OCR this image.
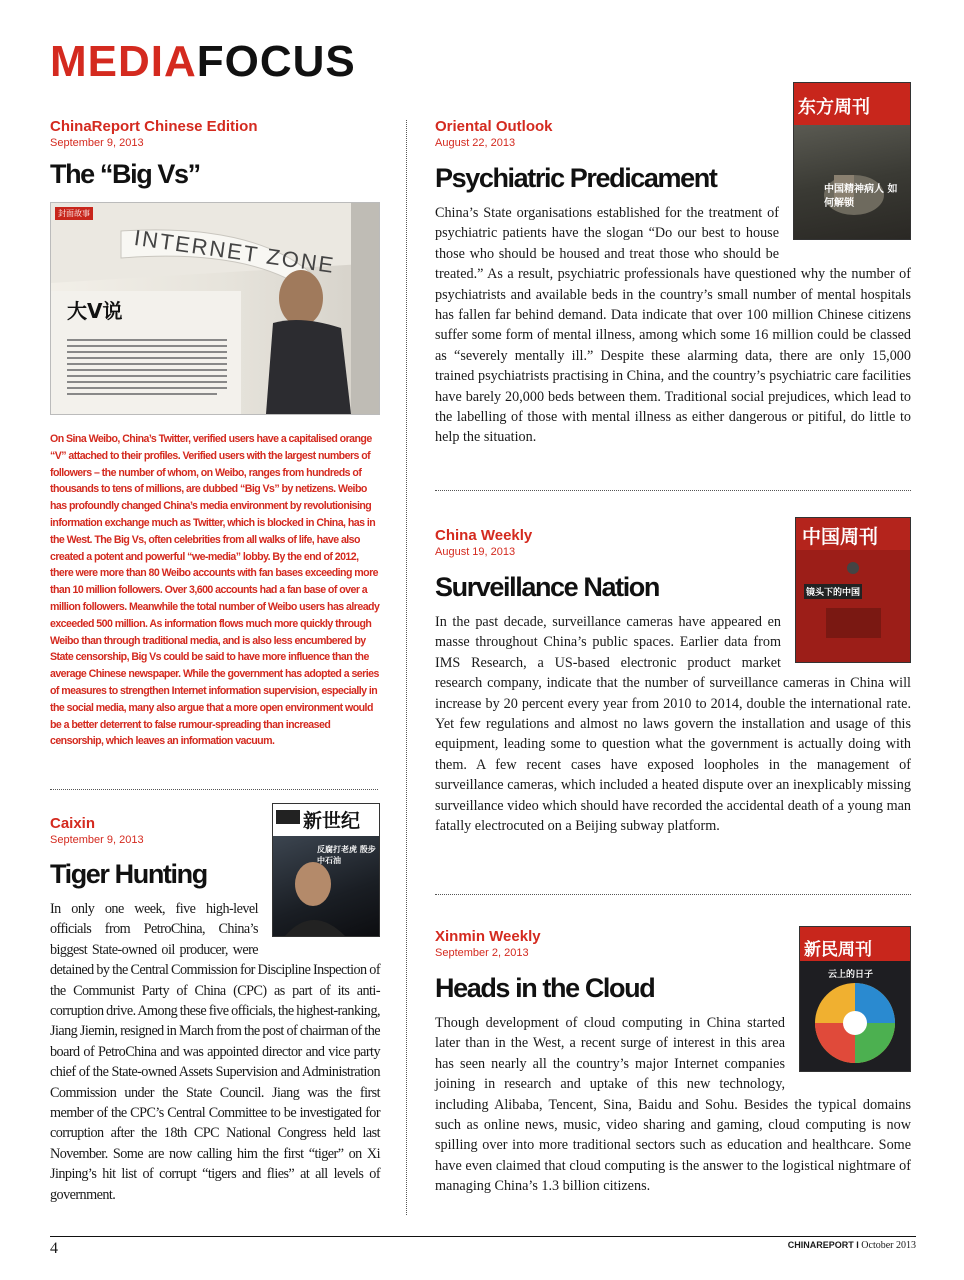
MEDIAFOCUS
ChinaReport Chinese Edition
September 9, 2013
The “Big Vs”
封面故事
INTERNET ZONE
大V说

On Sina Weibo, China’s Twitter, verified users have a capitalised orange “V” attached to their profiles. Verified users with the largest numbers of followers – the number of whom, on Weibo, ranges from hundreds of thousands to tens of millions, are dubbed “Big Vs” by netizens. Weibo has profoundly changed China’s media environment by revolutionising information exchange much as Twitter, which is blocked in China, has in the West. The Big Vs, often celebrities from all walks of life, have also created a potent and powerful “we-media” lobby. By the end of 2012, there were more than 80 Weibo accounts with fan bases exceeding more than 10 million followers. Over 3,600 accounts had a fan base of over a million followers. Meanwhile the total number of Weibo users has already exceeded 500 million. As information flows much more quickly through Weibo than through traditional media, and is also less encumbered by State censorship, Big Vs could be said to have more influence than the average Chinese newspaper. While the government has adopted a series of measures to strengthen Internet information supervision, especially in the social media, many also argue that a more open environment would be a better deterrent to false rumour-spreading than increased censorship, which leaves an information vacuum.

新世纪
反腐打老虎 殷步中石油
Caixin
September 9, 2013
Tiger Hunting

In only one week, five high-level officials from PetroChina, China’s biggest State-owned oil producer, were detained by the Central Commission for Discipline Inspection of the Communist Party of China (CPC) as part of its anti-corruption drive. Among these five officials, the highest-ranking, Jiang Jiemin, resigned in March from the post of chairman of the board of PetroChina and was appointed director and vice party chief of the State-owned Assets Supervision and Administration Commission under the State Council. Jiang was the first member of the CPC’s Central Committee to be investigated for corruption after the 18th CPC National Congress held last November. Some are now calling him the first “tiger” on Xi Jinping’s hit list of corrupt “tigers and flies” at all levels of government.

东方周刊
中国精神病人 如何解锁
Oriental Outlook
August 22, 2013
Psychiatric Predicament

China’s State organisations established for the treatment of psychiatric patients have the slogan “Do our best to house those who should be housed and treat those who should be treated.” As a result, psychiatric professionals have questioned why the number of psychiatrists and available beds in the country’s small number of mental hospitals has fallen far behind demand. Data indicate that over 100 million Chinese citizens suffer some form of mental illness, among which some 16 million could be classed as “severely mentally ill.” Despite these alarming data, there are only 15,000 trained psychiatrists practising in China, and the country’s psychiatric care facilities have barely 20,000 beds between them. Traditional social prejudices, which lead to the labelling of those with mental illness as either dangerous or pitiful, do little to help the situation.

中国周刊
镜头下的中国
China Weekly
August 19, 2013
Surveillance Nation

In the past decade, surveillance cameras have appeared en masse throughout China’s public spaces. Earlier data from IMS Research, a US-based electronic product market research company, indicate that the number of surveillance cameras in China will increase by 20 percent every year from 2010 to 2014, double the international rate. Yet few regulations and almost no laws govern the installation and usage of this equipment, leading some to question what the government is actually doing with them. A few recent cases have exposed loopholes in the management of surveillance cameras, which included a heated dispute over an inexplicably missing surveillance video which should have recorded the accidental death of a young man fatally electrocuted on a Beijing subway platform.

新民周刊
云上的日子
Xinmin Weekly
September 2, 2013
Heads in the Cloud

Though development of cloud computing in China started later than in the West, a recent surge of interest in this area has seen nearly all the country’s major Internet companies joining in research and uptake of this new technology, including Alibaba, Tencent, Sina, Baidu and Sohu. Besides the typical domains such as online news, music, video sharing and gaming, cloud computing is now spilling over into more traditional sectors such as education and healthcare. Some have even claimed that cloud computing is the answer to the logistical nightmare of managing China’s 1.3 billion citizens.

4	CHINAREPORT I October 2013
